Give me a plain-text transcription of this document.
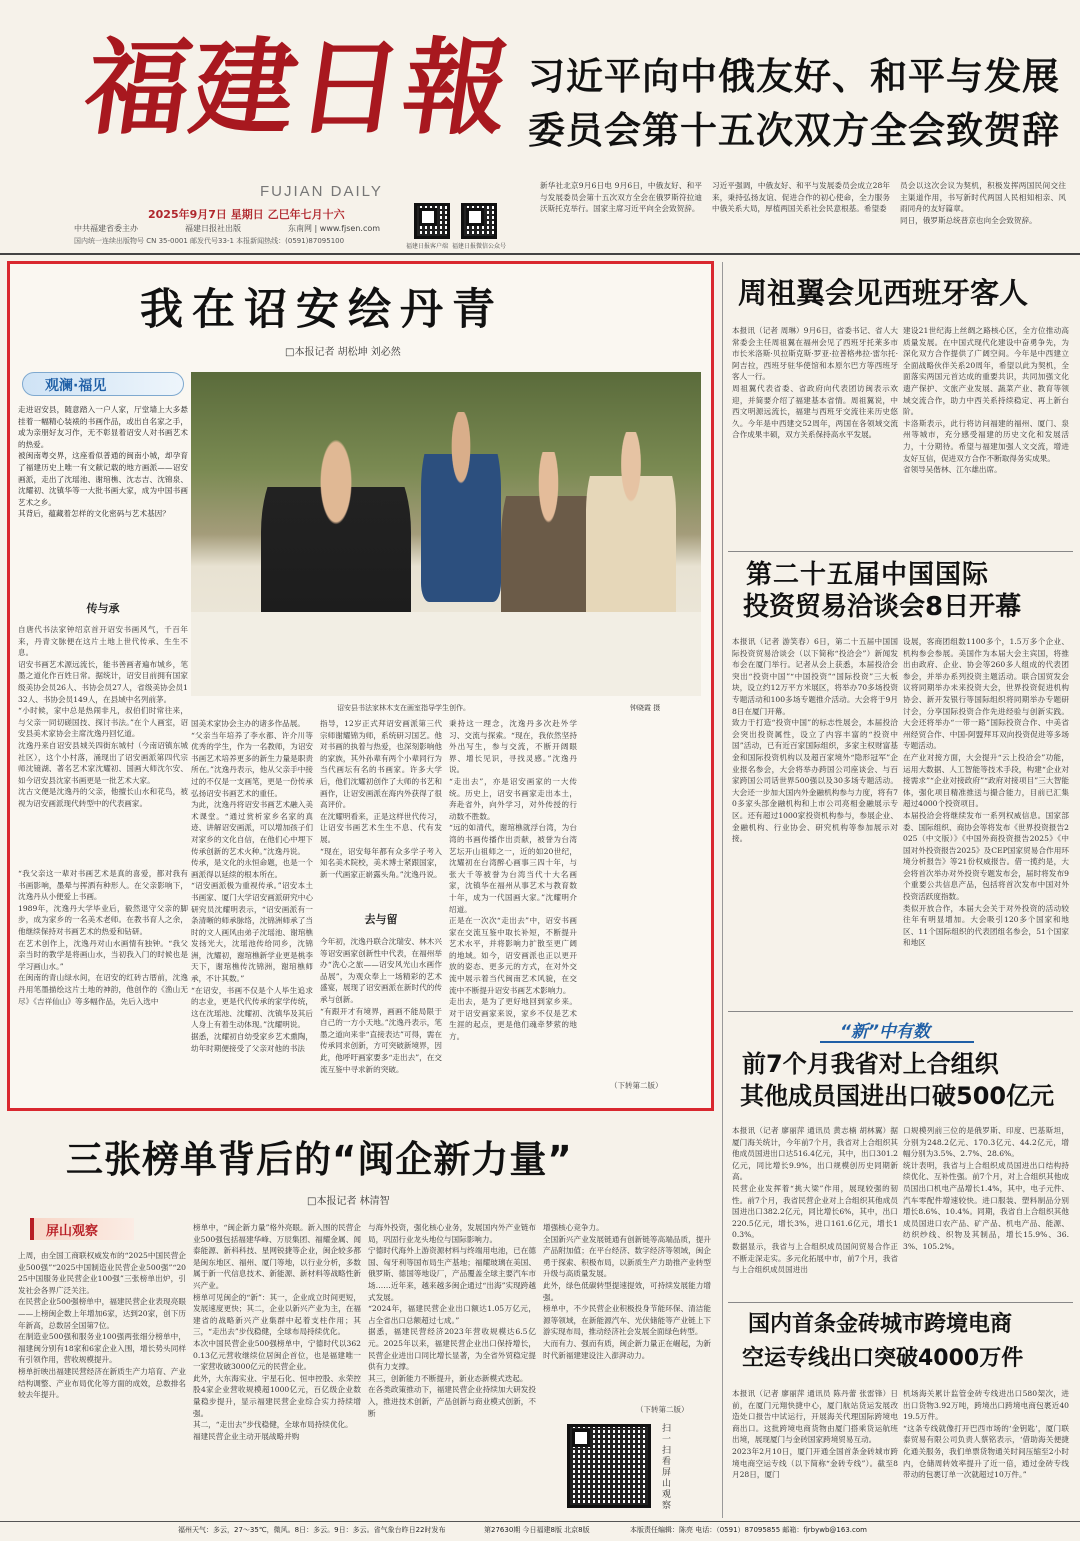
福建日報
FUJIAN DAILY
2025年9月7日 星期日 乙巳年七月十六
中共福建省委主办	福建日报社出版	东南网 | www.fjsen.com
国内统一连续出版物号 CN 35-0001 邮发代号33-1 本报新闻热线：(0591)87095100
福建日报客户端 福建日报微信公众号
习近平向中俄友好、和平与发展
委员会第十五次双方全会致贺辞
新华社北京9月6日电 9月6日，中俄友好、和平与发展委员会第十五次双方全会在俄罗斯符拉迪沃斯托克举行。国家主席习近平向全会致贺辞。
习近平强调，中俄友好、和平与发展委员会成立28年来，秉持弘扬友谊、促进合作的初心使命，全力服务中俄关系大局，厚植两国关系社会民意根基。希望委
员会以这次会议为契机，积极发挥两国民间交往主渠道作用，书写新时代两国人民相知相亲、风雨同舟的友好篇章。
同日，俄罗斯总统普京也向全会致贺辞。
我在诏安绘丹青
□本报记者 胡松坤 刘必然
观澜·福见
走进诏安县，随意踏入一户人家，厅堂墙上大多悬挂着一幅精心装裱的书画作品，或出自名家之手，或为亲朋好友习作，无不彰显着诏安人对书画艺术的热爱。
被闽南粤交界，这座看似普通的闽南小城，却孕育了福建历史上唯一有文献记载的地方画派——诏安画派，走出了沈瑶池、谢琯樵、沈志吉、沈锦泉、沈耀初、沈镇华等一大批书画大家，成为中国书画艺术之乡。
其背后，蕴藏着怎样的文化密码与艺术基因？
传与承
自唐代书法家钟绍京首开诏安书画风气，千百年来，丹青文脉便在这片土地上世代传承、生生不息。
诏安书画艺术源远流长，能书善画者遍布城乡，笔墨之道化作百姓日常。据统计，诏安目前拥有国家级美协会员26人、书协会员27人，省级美协会员132人、书协会员149人，在县域中名列前茅。
“小时候，家中总是热闹非凡，叔伯们时常往来，与父亲一同切磋国技、探讨书法。”在个人画室，诏安县美术家协会主席沈逸丹回忆道。
沈逸丹来自诏安县城关四街东城村（今南诏镇东城社区），这个小村落，涌现出了诏安画派第四代宗师沈镜湖、著名艺术家沈耀初、国画大师沈尔安、如今诏安县沈家书画更是一批艺术大家。
沈古文便是沈逸丹的父亲，他擅长山水和花鸟，被视为诏安画派现代转型中的代表画家。
“我父亲这一辈对书画艺术是真的喜爱，都对我有书画影响，墨晕与挥洒有种形人。在父亲影响下，沈逸丹从小便爱上书画。
1989年，沈逸丹大学毕业后，毅然退守父亲的脚步，成为家乡的一名美术老师。在教书育人之余，他继续保持对书画艺术的热爱和钻研。
在艺术创作上，沈逸丹对山水画情有独钟。“我父亲当时的教学是将画山水，当初我入门的时候也是学习画山水。”
在闽南的青山绿水间，在诏安的红砖古厝前，沈逸丹用笔墨描绘这片土地的神韵，他创作的《渔山无尽》《吉祥仙山》等多幅作品，先后入选中
诏安县书法家林木支在画室指导学生创作。	钟晓霞 摄
国美术家协会主办的诸多作品展。
“父亲当年培养了李水都、许介川等优秀的学生，作为一名教师，为诏安书画艺术培养更多的新生力量是职责所在。”沈逸丹表示，他从父亲手中接过的不仅是一支画笔，更是一份传承弘扬诏安书画艺术的重任。
为此，沈逸丹将诏安书画艺术融入美术课堂。“通过赏析家乡名家的真迹、讲解诏安画派，可以增加孩子们对家乡的文化自信，在他们心中埋下传承创新的艺术火种。”沈逸丹说。
传承，是文化的永恒命题，也是一个画派得以延续的根本所在。
“诏安画派极为重视传承。”诏安本土书画家、厦门大学诏安画派研究中心研究员沈耀明表示，“诏安画派有一条清晰的师承脉络，沈锦洲师承了当时的文人画风由弟子沈瑶池、谢琯樵发扬光大，沈瑶池传给同乡，沈锦洲，沈耀初，谢琯樵新学业更是桃李天下，谢琯樵传沈锦洲，谢琯樵师承，不计其数。”
“在诏安，书画不仅是个人毕生追求的志业，更是代代传承的家学传统，这在沈瑶池、沈耀初、沈镇华及其后人身上有着生动体现。”沈耀明说。
据悉，沈耀初自幼受家乡艺术熏陶，幼年时期便接受了父亲对他的书法
指导，12岁正式拜诏安画派第三代宗师谢耀锦为师，系统研习国艺。他对书画的执着与热爱，也深刻影响他的家族，其外孙辈有两个小辈同行为当代画坛有名的书画家。许多大学后，他们沈耀初创作了大师的书艺和画作，让诏安画派在海内外获得了很高评价。
在沈耀明看来，正是这样世代传习，让诏安书画艺术生生不息、代有发展。
“现在，诏安每年都有众多学子考入知名美术院校，美术博士紧跟国家，新一代画家正崭露头角。”沈逸丹说。
去与留
今年初，沈逸丹联合沈瑞安、林木兴等诏安画家创新性中代表，在福州举办“洗心之旅——诏安风光山水画作品展”，为观众奉上一场精彩的艺术盛宴，展现了诏安画派在新时代的传承与创新。
“有跟开才有境界，画画不能局限于自己的一方小天地。”沈逸丹表示，笔墨之道向来非“直接表达”可得，需在传承同求创新，方可突破新境界，因此，他呼吁画家要多“走出去”，在交流互鉴中寻求新的突破。
秉持这一理念，沈逸丹多次赴外学习、交流与探索。“现在，我依然坚持外出写生，参与交流，不断开阔眼界、增长见识，寻找灵感。”沈逸丹说。
“走出去”，亦是诏安画家的一大传统。历史上，诏安书画家走出本土，奔赴省外，向外学习，对外传授的行动数不胜数。
“远的如清代，谢琯樵就浮台湾，为台湾的书画传播作出贡献，被誉为台湾艺坛开山祖师之一，近的如20世纪，沈耀初在台湾醉心画事三四十年，与张大千等被誉为台湾当代十大名画家，沈镇华在福州从事艺术与教育数十年，成为一代国画大家。”沈耀明介绍道。
正是在一次次“走出去”中，诏安书画家在交流互鉴中取长补短，不断提升艺术水平，并将影响力扩散至更广阔的地域。如今，诏安画派也正以更开放的姿态、更多元的方式，在对外交流中展示着当代闽南艺术风貌，在交流中不断提升诏安书画艺术影响力。
走出去，是为了更好地回到家乡来。对于诏安画家来说，家乡不仅是艺术生涯的起点，更是他们魂牵梦萦的地方。
（下转第二版）
周祖翼会见西班牙客人
本报讯（记者 周琳）9月6日，省委书记、省人大常委会主任周祖翼在福州会见了西班牙托莱多市市长米洛斯·贝拉斯克斯·罗亚·拉普格弗拉·雷尔托·阿吉拉，西班牙驻华使馆和本原尔巴方等西班牙客人一行。
周祖翼代表省委、省政府向代表团访闽表示欢迎，并简要介绍了福建基本省情。周祖翼说，中西文明源远流长，福建与西班牙交流往来历史悠久。今年是中西建交52周年，两国在各领域交流合作成果丰硕，双方关系保持高水平发展。
建设21世纪海上丝绸之路核心区，全方位推动高质量发展。在中国式现代化建设中奋勇争先，为深化双方合作提供了广阔空间。今年是中西建立全面战略伙伴关系20周年，希望以此为契机，全面落实两国元首达成的重要共识，共同加强文化遗产保护、文旅产业发展、蔬菜产业、教育等领域交流合作，助力中西关系持续稳定、再上新台阶。
卡洛斯表示，此行将访问福建的福州、厦门、泉州等城市，充分感受福建的历史文化和发展活力，十分期待。希望与福建加强人文交流，增进友好互信，促进双方合作不断取得务实成果。
省领导吴偕林、江尔雄出席。
第二十五届中国国际
投资贸易洽谈会8日开幕
本报讯（记者 游笑春）6日，第二十五届中国国际投资贸易洽谈会（以下简称“投洽会”）新闻发布会在厦门举行。记者从会上获悉，本届投洽会突出“投资中国”“中国投资”“国际投资”三大板块，设立约12万平方米展区，将举办70多场投资专题活动和100多场专题推介活动。大会将于9月8日在厦门开幕。
致力于打造“投资中国”的标志性展会，本届投洽会突出投资属性，设立了内容丰富的“投资中国”活动，已有近百家国际组织，多家主权财富基金和国际投资机构以及超百家境外“隐形冠军”企业报名参会，大会将举办跨国公司座谈会、与百家跨国公司话世界500强以及30多场专题活动。大会还一步加大国内外金融机构参与力度，将有70多家头部金融机构和上市公司亮相金融展示专区。还有超过1000家投资机构参与，参展企业、金融机构、行业协会、研究机构等参加展示对接。
设展，客商团组数1100多个，1.5万多个企业、机构参会参展。美国作为本届大会主宾国，将推出由政府、企业、协会等260多人组成的代表团参会，并举办系列投资主题活动。联合国贸发会议将同期举办未来投资大会，世界投资促进机构协会、新开发银行等国际组织将同期举办专题研讨会，分享国际投资合作先进经验与创新实践。大会还将举办“一带一路”国际投资合作、中美省州经贸合作、中国-阿盟拜耳双向投资促进等多场专题活动。
在产业对接方面，大会提升“云上投洽会”功能，运用大数据、人工智能等技术手段，构建“企业对接需求”“企业对接政府”“政府对接项目”三大智能体，强化项目精准推送与撮合能力，目前已汇集超过4000个投资项目。
本届投洽会将继续发布一系列权威信息。国家部委、国际组织、商协会等将发布《世界投资报告2025（中文版）》《中国外商投资报告2025》《中国对外投资报告2025》及CEP国家贸易合作用环境分析报告》等21份权威报告。借一揽约是，大会将首次举办对外投资专题发布会，届时将发布9个重要公共信息产品，包括将首次发布中国对外投资活跃度指数。
类似开放合作，本届大会关于对外投资的活动较往年有明显增加。大会吸引120多个国家和地区、11个国际组织的代表团组名参会，51个国家和地区
“新”中有数
前7个月我省对上合组织
其他成员国进出口破500亿元
本报讯（记者 廖丽萍 通讯员 黄志楠 胡林翼）据厦门海关统计，今年前7个月，我省对上合组织其他成员国进出口达516.4亿元，其中，出口301.2亿元，同比增长9.9%，出口规模创历史同期新高。
民营企业发挥着“挑大梁”作用，展现较强的韧性。前7个月，我省民营企业对上合组织其他成员国进出口382.2亿元，同比增长6%，其中，出口220.5亿元，增长3%，进口161.6亿元，增长10.3%。
数据显示，我省与上合组织成员国间贸易合作正不断走深走实。多元化拓展中市，前7个月，我省与上合组织成员国进出
口规模列前三位的是俄罗斯、印度、巴基斯坦，分别为248.2亿元、170.3亿元、44.2亿元，增幅分别为3.5%、2.7%、28.6%。
统计表明，我省与上合组织成员国进出口结构持续优化、互补性强。前7个月，对上合组织其他成员国出口机电产品增长1.4%，其中，电子元件、汽车零配件增速较快。进口服装、塑料制品分别增长8.6%、10.4%。同期，我省自上合组织其他成员国进口农产品、矿产品、机电产品、能源、纺织纱线、织物及其制品，增长15.9%、36.3%、105.2%。
国内首条金砖城市跨境电商
空运专线出口突破4000万件
本报讯（记者 廖丽萍 通讯员 陈丹蕾 张雷锋）日前，在厦门元翔快捷中心，厦门航站货运发展改造处口报告中试运行，开展海关代理国际跨境电商出口。这批跨境电商货物由厦门搭乘货运航班出境，展现厦门与金砖国家跨境贸易互动。
2023年2月10日，厦门开通全国首条金砖城市跨境电商空运专线（以下简称“金砖专线”）。截至8月28日，厦门
机场海关累计监管金砖专线进出口580架次，进出口货物3.92万吨，跨境出口跨境电商包裹近4019.5万件。
“这条专线就像打开巴西市场的‘金钥匙’，厦门联泰贸易有限公司负责人蔡铭表示，‘借助海关便捷化通关服务，我们单票货物通关时间压缩至2小时内，仓储周转效率提升了近一倍，通过金砖专线带动的包裹订单一次就超过10万件。”
三张榜单背后的“闽企新力量”
□本报记者 林清智
屏山观察
上周，由全国工商联权威发布的“2025中国民营企业500强”“2025中国制造业民营企业500强”“2025中国服务业民营企业100强”三张榜单出炉，引发社会各界广泛关注。
在民营企业500强榜单中，福建民营企业表现亮眼——上榜闽企数上年增加6家，达到20家，创下历年新高，总数居全国第7位。
在制造业500强和服务业100强两张细分榜单中，福建闽分别有18家和6家企业入围，增长势头同样有引领作用，营收规模提升。
榜单折映出福建民营经济在新质生产力培育、产业结构调整、产业布局优化等方面的成效，总数排名较去年提升。
榜单中，“闽企新力量”格外亮眼。新入围的民营企业500强包括福建华峰、万辰集团、福耀金属、闻泰能源、新科科技、星网锐捷等企业，闽企较多都是闽东地区、福州、厦门等地，以行业分析，多数属于新一代信息技术、新能源、新材料等战略性新兴产业。
榜单可见闽企的“新”：其一，企业成立时间更短，发展速度更快；其二，企业以新兴产业为主，在福建省的战略新兴产业集群中起着支柱作用；其三，“走出去”步伐稳健，全球布局持续优化。
本次中国民营企业500强榜单中，宁德时代以3620.13亿元营收继续位居闽企首位，也是福建唯一一家营收破3000亿元的民营企业。
此外，大东海实业、宇星石化、恒申控股、永荣控股4家企业营收规模超1000亿元，百亿级企业数量稳步提升，显示福建民营企业综合实力持续增强。
其二，“走出去”步伐稳健，全球布局持续优化。
福建民营企业主动开展战略并购
与海外投资，强化核心业务，发展国内外产业链布局，巩固行业龙头地位与国际影响力。
宁德时代海外上游资源材料与终端用电池，已在德国、匈牙利等国布局生产基地；福耀玻璃在美国、俄罗斯、德国等地设厂，产品覆盖全球主要汽车市场……近年来，越来越多闽企通过“出海”实现跨越式发展。
“2024年，福建民营企业出口额达1.05万亿元，占全省出口总额超过七成。”
据悉，福建民营经济2023年营收规模达6.5亿元。2025年以来，福建民营企业出口保持增长，民营企业进出口同比增长显著，为全省外贸稳定提供有力支撑。
其三，创新能力不断提升，新业态新模式迭起。
在各类政策推动下，福建民营企业持续加大研发投入，推进技术创新，产品创新与商业模式创新，不断
增强核心竞争力。
全国新兴产业发展链通有创新链等高端品质，提升产品附加值；在平台经济、数字经济等领域，闽企勇于探索、积极布局，以新质生产力助推产业转型升级与高质量发展。
此外，绿色低碳转型提速提效，可持续发展能力增强。
榜单中，不少民营企业积极投身节能环保、清洁能源等领域，在新能源汽车、光伏储能等产业链上下游实现布局，推动经济社会发展全面绿色转型。
大而有力、强而有质，闽企新力量正在崛起，为新时代新福建建设注入澎湃动力。
（下转第二版）
扫一扫 看屏山观察
福州天气：多云，27～35℃，微风。8日：多云。9日：多云。省气象台昨日22时发布	第27630期 今日福建8版 北京8版	本版责任编辑：陈亮 电话：（0591）87095855 邮箱：fjrbywb@163.com
